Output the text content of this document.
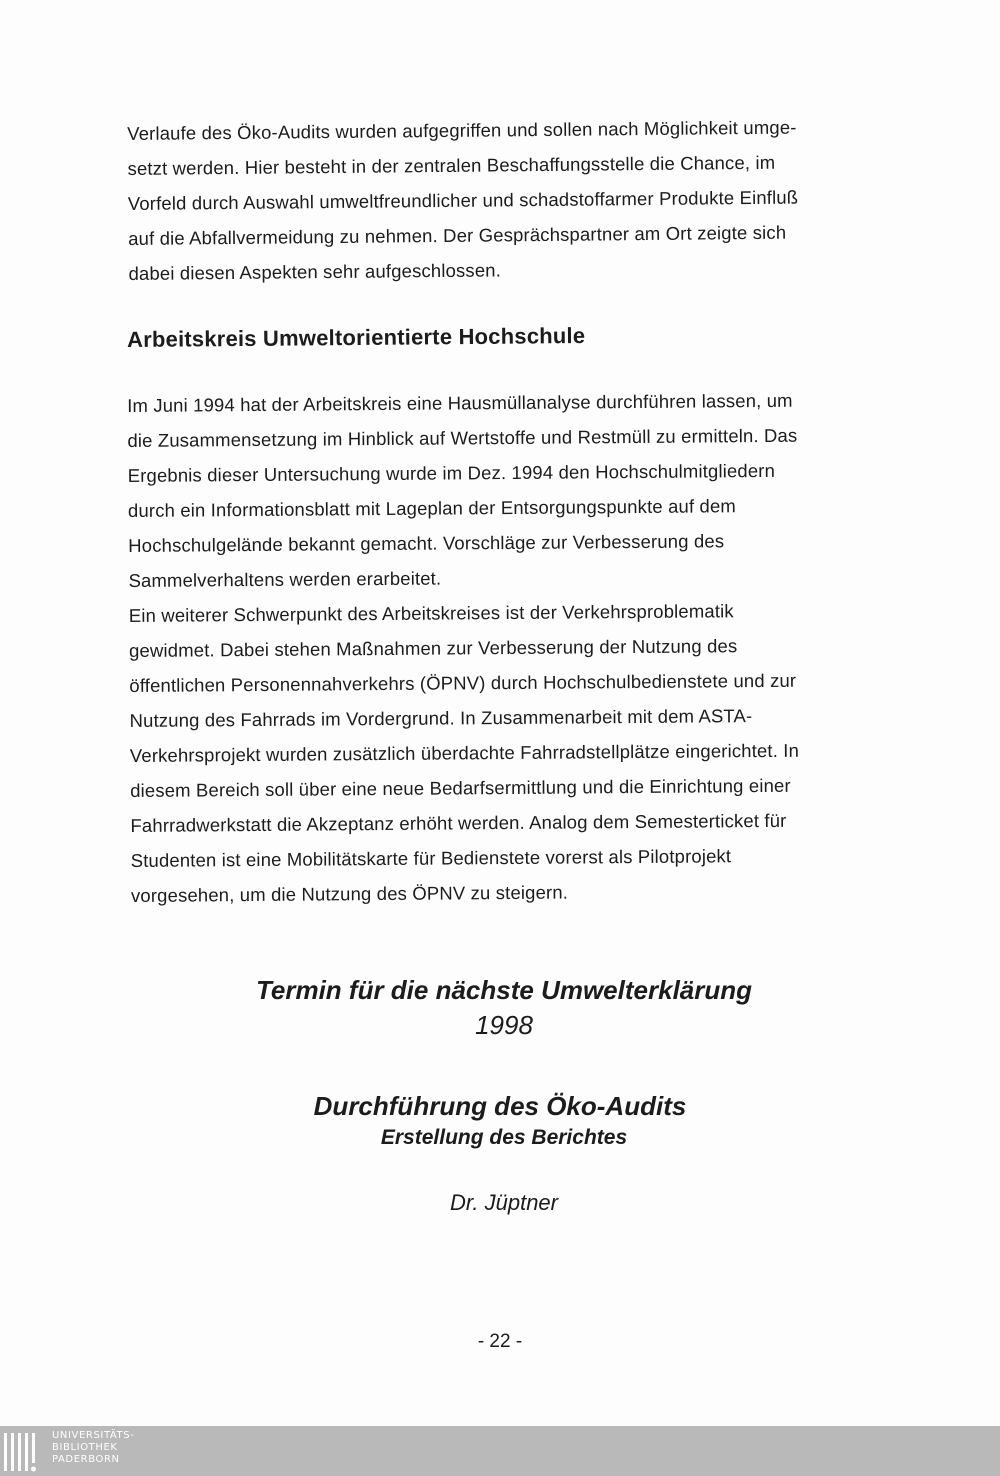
Verlaufe des Öko-Audits wurden aufgegriffen und sollen nach Möglichkeit umge-

setzt werden. Hier besteht in der zentralen Beschaffungsstelle die Chance, im

Vorfeld durch Auswahl umweltfreundlicher und schadstoffarmer Produkte Einfluß

auf die Abfallvermeidung zu nehmen. Der Gesprächspartner am Ort zeigte sich

dabei diesen Aspekten sehr aufgeschlossen.

Arbeitskreis Umweltorientierte Hochschule

Im Juni 1994 hat der Arbeitskreis eine Hausmüllanalyse durchführen lassen, um

die Zusammensetzung im Hinblick auf Wertstoffe und Restmüll zu ermitteln. Das

Ergebnis dieser Untersuchung wurde im Dez. 1994 den Hochschulmitgliedern

durch ein Informationsblatt mit Lageplan der Entsorgungspunkte auf dem

Hochschulgelände bekannt gemacht. Vorschläge zur Verbesserung des

Sammelverhaltens werden erarbeitet.

Ein weiterer Schwerpunkt des Arbeitskreises ist der Verkehrsproblematik

gewidmet. Dabei stehen Maßnahmen zur Verbesserung der Nutzung des

öffentlichen Personennahverkehrs (ÖPNV) durch Hochschulbedienstete und zur

Nutzung des Fahrrads im Vordergrund. In Zusammenarbeit mit dem ASTA-

Verkehrsprojekt wurden zusätzlich überdachte Fahrradstellplätze eingerichtet. In

diesem Bereich soll über eine neue Bedarfsermittlung und die Einrichtung einer

Fahrradwerkstatt die Akzeptanz erhöht werden. Analog dem Semesterticket für

Studenten ist eine Mobilitätskarte für Bedienstete vorerst als Pilotprojekt

vorgesehen, um die Nutzung des ÖPNV zu steigern.

Termin für die nächste Umwelterklärung
1998
Durchführung des Öko-Audits
Erstellung des Berichtes
Dr. Jüptner
- 22 -
UNIVERSITÄTS-
BIBLIOTHEK
PADERBORN
